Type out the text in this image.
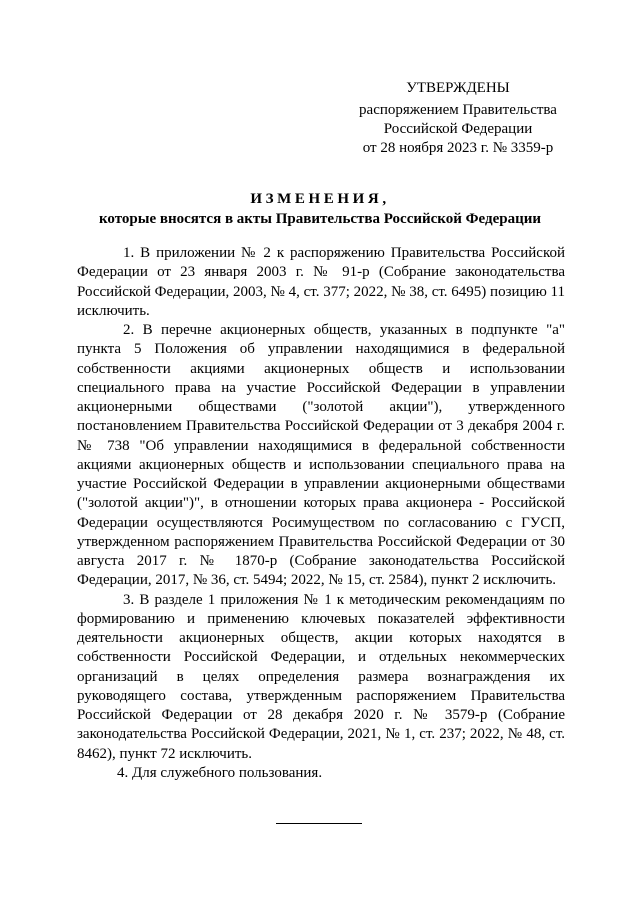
УТВЕРЖДЕНЫ
распоряжением Правительства
Российской Федерации
от 28 ноября 2023 г. № 3359-р
ИЗМЕНЕНИЯ,
которые вносятся в акты Правительства Российской Федерации

1. В приложении № 2 к распоряжению Правительства Российской Федерации от 23 января 2003 г. № 91-р (Собрание законодательства Российской Федерации, 2003, № 4, ст. 377; 2022, № 38, ст. 6495) позицию 11 исключить.

2. В перечне акционерных обществ, указанных в подпункте "а" пункта 5 Положения об управлении находящимися в федеральной собственности акциями акционерных обществ и использовании специального права на участие Российской Федерации в управлении акционерными обществами ("золотой акции"), утвержденного постановлением Правительства Российской Федерации от 3 декабря 2004 г. № 738 "Об управлении находящимися в федеральной собственности акциями акционерных обществ и использовании специального права на участие Российской Федерации в управлении акционерными обществами ("золотой акции")", в отношении которых права акционера - Российской Федерации осуществляются Росимуществом по согласованию с ГУСП, утвержденном распоряжением Правительства Российской Федерации от 30 августа 2017 г. № 1870-р (Собрание законодательства Российской Федерации, 2017, № 36, ст. 5494; 2022, № 15, ст. 2584), пункт 2 исключить.

3. В разделе 1 приложения № 1 к методическим рекомендациям по формированию и применению ключевых показателей эффективности деятельности акционерных обществ, акции которых находятся в собственности Российской Федерации, и отдельных некоммерческих организаций в целях определения размера вознаграждения их руководящего состава, утвержденным распоряжением Правительства Российской Федерации от 28 декабря 2020 г. № 3579-р (Собрание законодательства Российской Федерации, 2021, № 1, ст. 237; 2022, № 48, ст. 8462), пункт 72 исключить.

4. Для служебного пользования.
